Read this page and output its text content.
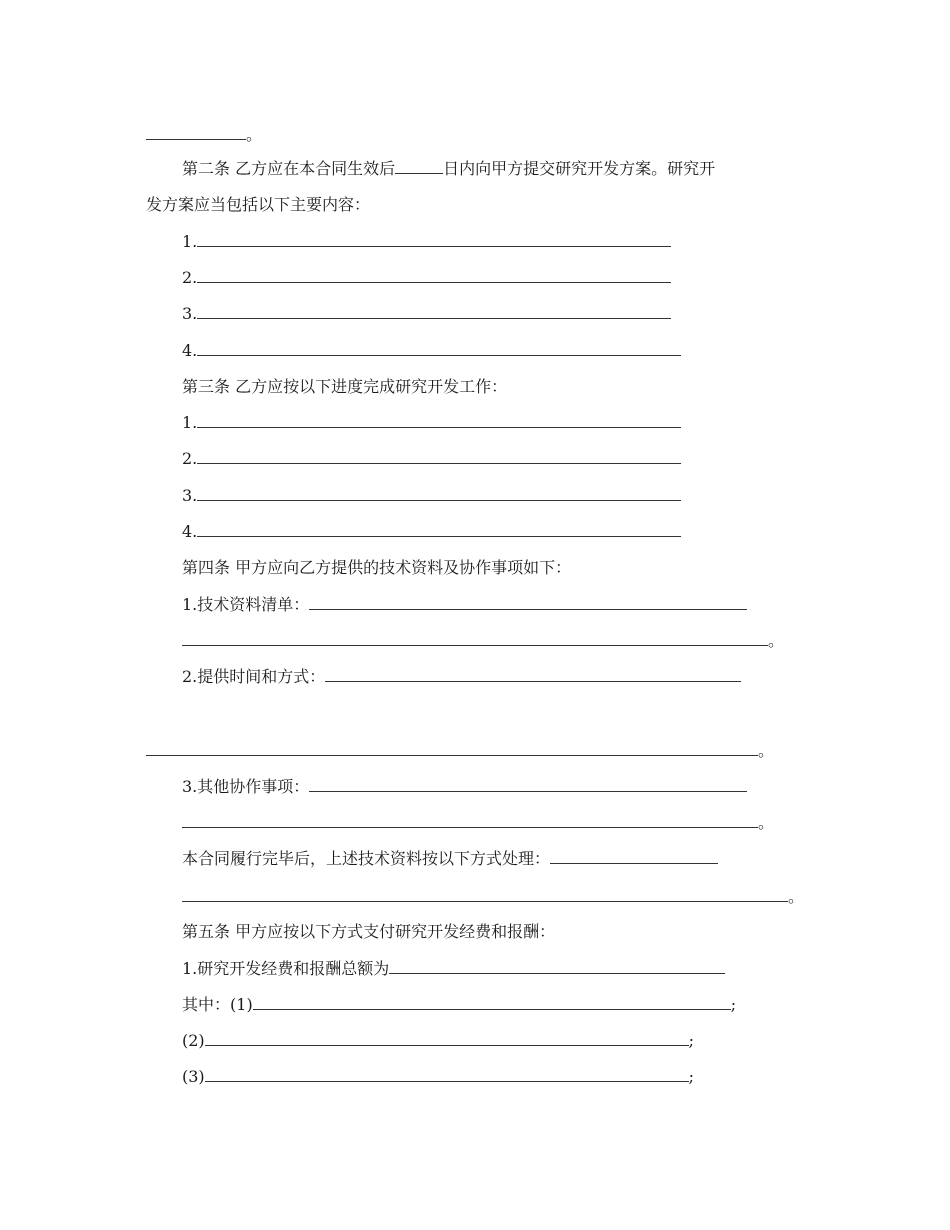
。
第二条 乙方应在本合同生效后	日内向甲方提交研究开发方案。研究开
发方案应当包括以下主要内容：
1.
2.
3.
4.
第三条 乙方应按以下进度完成研究开发工作：
1.
2.
3.
4.
第四条 甲方应向乙方提供的技术资料及协作事项如下：
1.技术资料清单：
。
2.提供时间和方式：
。
3.其他协作事项：
。
本合同履行完毕后，上述技术资料按以下方式处理：
。
第五条 甲方应按以下方式支付研究开发经费和报酬：
1.研究开发经费和报酬总额为
其中：(1)	;
(2)	;
(3)	;
